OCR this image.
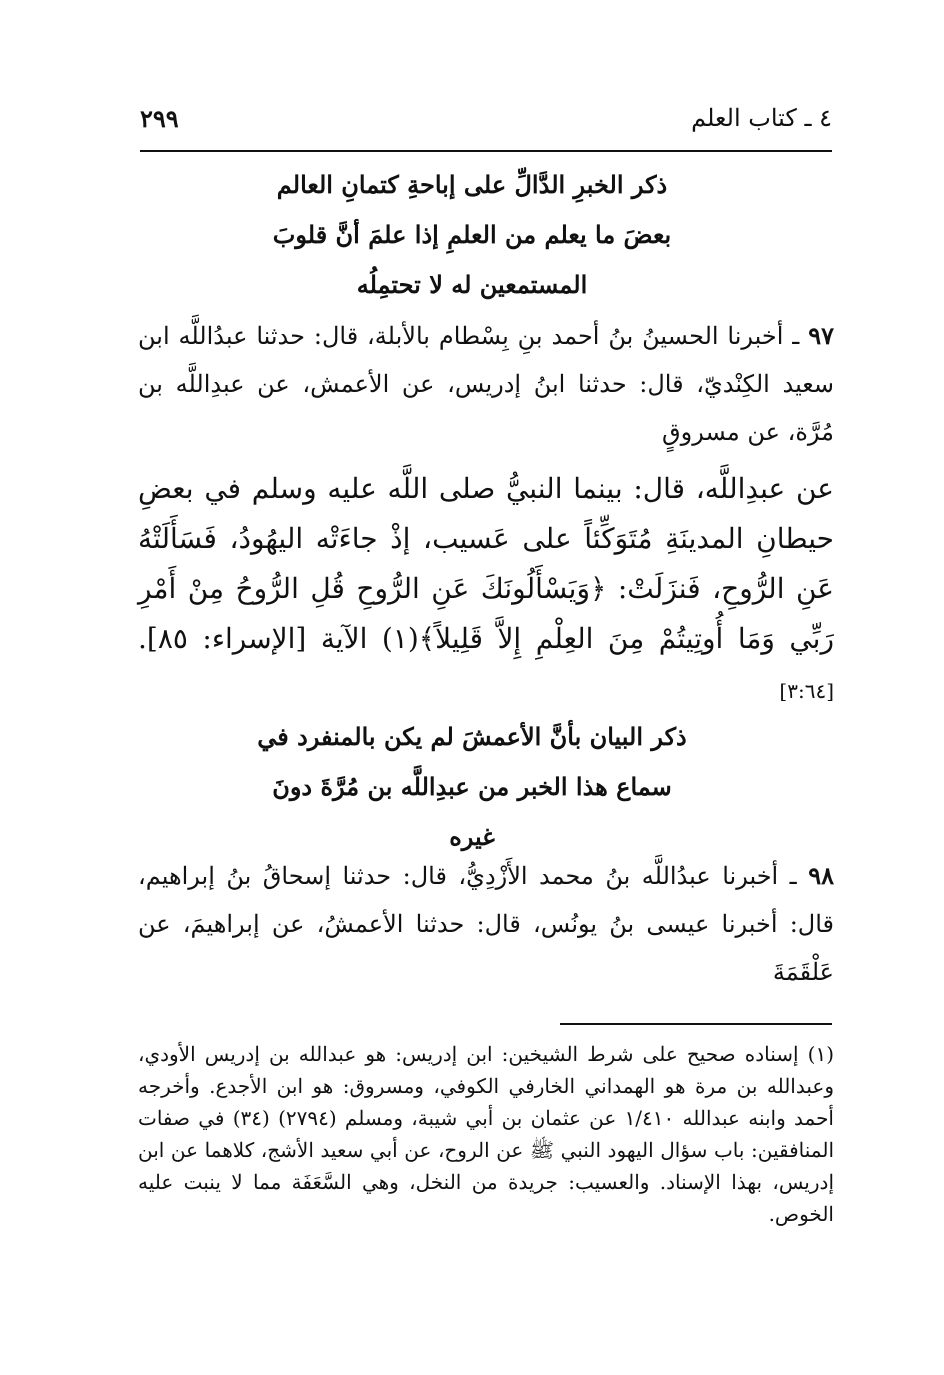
٤ ـ كتاب العلم
٢٩٩
ذكر الخبرِ الدَّالِّ على إباحةِ كتمانِ العالم
بعضَ ما يعلم من العلمِ إذا علمَ أنَّ قلوبَ
المستمعين له لا تحتمِلُه
٩٧ ـ أخبرنا الحسينُ بنُ أحمد بنِ بِسْطام بالأبلة، قال: حدثنا عبدُاللَّه ابن سعيد الكِنْديّ، قال: حدثنا ابنُ إدريس، عن الأعمش، عن عبدِاللَّه بن مُرَّة، عن مسروقٍ
عن عبدِاللَّه، قال: بينما النبيُّ صلى اللَّه عليه وسلم في بعضِ حيطانِ المدينَةِ مُتَوَكِّئاً على عَسيب، إذْ جاءَتْه اليهُودُ، فَسَأَلَتْهُ عَنِ الرُّوحِ، فَنزَلَتْ: ﴿وَيَسْأَلُونَكَ عَنِ الرُّوحِ قُلِ الرُّوحُ مِنْ أَمْرِ رَبِّي وَمَا أُوتِيتُمْ مِنَ العِلْمِ إِلاَّ قَلِيلاً﴾(١) الآية [الإسراء: ٨٥]. [٣:٦٤]
ذكر البيان بأنَّ الأعمشَ لم يكن بالمنفرد في
سماع هذا الخبر من عبدِاللَّه بن مُرَّةَ دونَ
غيره
٩٨ ـ أخبرنا عبدُاللَّه بنُ محمد الأَزْدِيُّ، قال: حدثنا إسحاقُ بنُ إبراهيم، قال: أخبرنا عيسى بنُ يونُس، قال: حدثنا الأعمشُ، عن إبراهيمَ، عن عَلْقَمَةَ
(١) إسناده صحيح على شرط الشيخين: ابن إدريس: هو عبدالله بن إدريس الأودي، وعبدالله بن مرة هو الهمداني الخارفي الكوفي، ومسروق: هو ابن الأجدع. وأخرجه أحمد وابنه عبدالله ١/٤١٠ عن عثمان بن أبي شيبة، ومسلم (٢٧٩٤) (٣٤) في صفات المنافقين: باب سؤال اليهود النبي ﷺ عن الروح، عن أبي سعيد الأشج، كلاهما عن ابن إدريس، بهذا الإسناد. والعسيب: جريدة من النخل، وهي السَّعَفَة مما لا ينبت عليه الخوص.
